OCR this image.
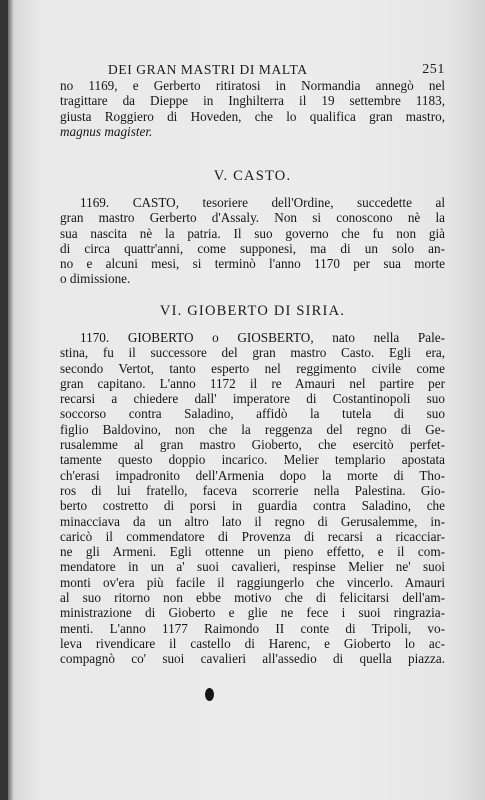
DEI GRAN MASTRI DI MALTA	251
no 1169, e Gerberto ritiratosi in Normandia annegò nel
tragittare da Dieppe in Inghilterra il 19 settembre 1183,
giusta Roggiero di Hoveden, che lo qualifica gran mastro,
magnus magister.
V. CASTO.
1169. CASTO, tesoriere dell'Ordine, succedette al
gran mastro Gerberto d'Assaly. Non si conoscono nè la
sua nascita nè la patria. Il suo governo che fu non già
di circa quattr'anni, come supponesi, ma di un solo an-
no e alcuni mesi, si terminò l'anno 1170 per sua morte
o dimissione.
VI. GIOBERTO DI SIRIA.
1170. GIOBERTO o GIOSBERTO, nato nella Pale-
stina, fu il successore del gran mastro Casto. Egli era,
secondo Vertot, tanto esperto nel reggimento civile come
gran capitano. L'anno 1172 il re Amauri nel partire per
recarsi a chiedere dall' imperatore di Costantinopoli suo
soccorso contra Saladino, affidò la tutela di suo
figlio Baldovino, non che la reggenza del regno di Ge-
rusalemme al gran mastro Gioberto, che esercitò perfet-
tamente questo doppio incarico. Melier templario apostata
ch'erasi impadronito dell'Armenia dopo la morte di Tho-
ros di lui fratello, faceva scorrerie nella Palestina. Gio-
berto costretto di porsi in guardia contra Saladino, che
minacciava da un altro lato il regno di Gerusalemme, in-
caricò il commendatore di Provenza di recarsi a ricacciar-
ne gli Armeni. Egli ottenne un pieno effetto, e il com-
mendatore in un a' suoi cavalieri, respinse Melier ne' suoi
monti ov'era più facile il raggiungerlo che vincerlo. Amauri
al suo ritorno non ebbe motivo che di felicitarsi dell'am-
ministrazione di Gioberto e glie ne fece i suoi ringrazia-
menti. L'anno 1177 Raimondo II conte di Tripoli, vo-
leva rivendicare il castello di Harenc, e Gioberto lo ac-
compagnò co' suoi cavalieri all'assedio di quella piazza.
